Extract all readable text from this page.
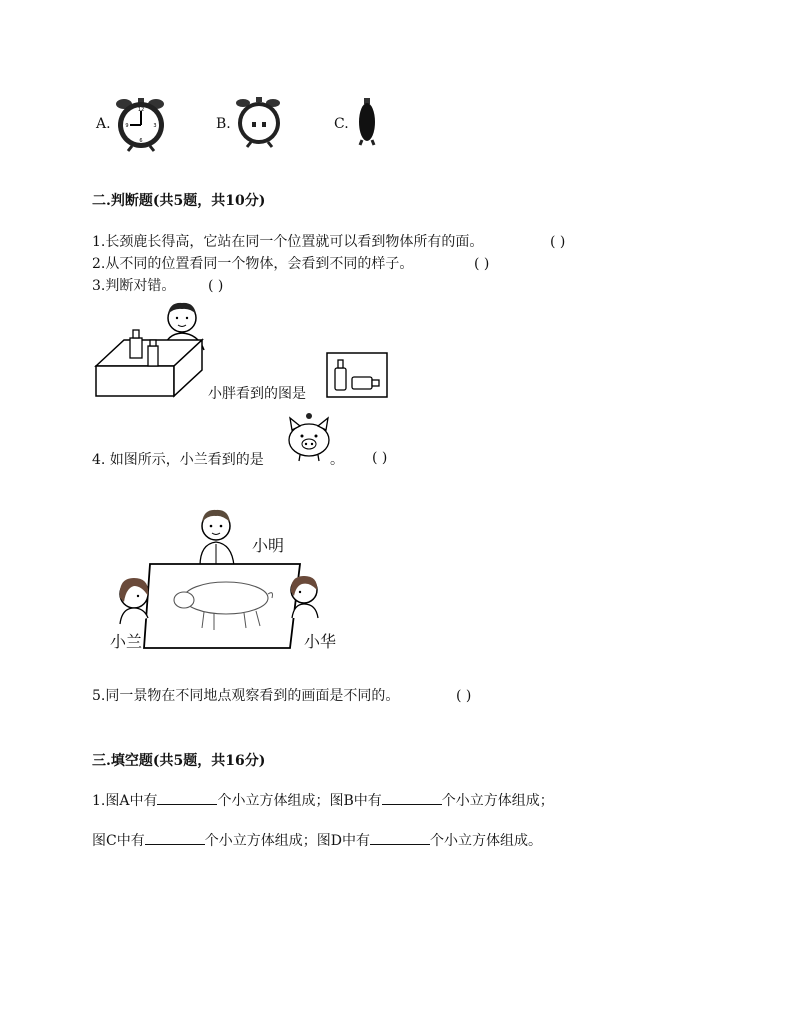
A.
12
3
6
9	B.	C.
二.判断题(共5题，共10分)
1.长颈鹿长得高，它站在同一个位置就可以看到物体所有的面。	( )
2.从不同的位置看同一个物体，会看到不同的样子。	( )
3.判断对错。 ( )
小胖看到的图是
4. 如图所示，小兰看到的是	。 ( )
小明
小兰	小华
5.同一景物在不同地点观察看到的画面是不同的。	( )
三.填空题(共5题，共16分)
1.图A中有	个小立方体组成；图B中有	个小立方体组成；
图C中有	个小立方体组成；图D中有	个小立方体组成。
